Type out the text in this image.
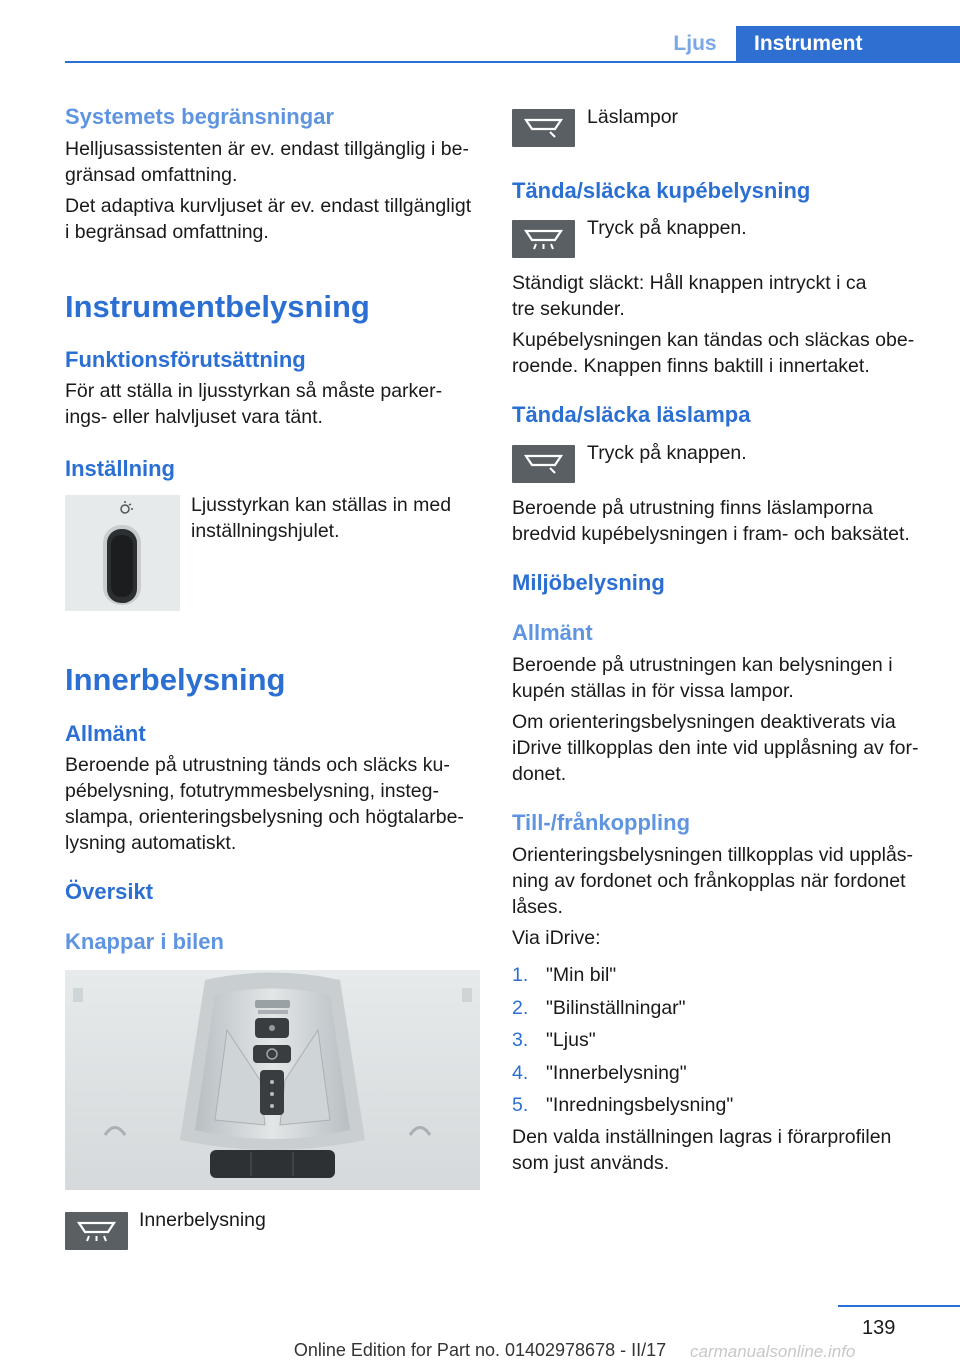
Ljus	Instrument
Systemets begränsningar
Helljusassistenten är ev. endast tillgänglig i be-
gränsad omfattning.
Det adaptiva kurvljuset är ev. endast tillgängligt
i begränsad omfattning.
Instrumentbelysning
Funktionsförutsättning
För att ställa in ljusstyrkan så måste parker-
ings- eller halvljuset vara tänt.
Inställning
Ljusstyrkan kan ställas in med
inställningshjulet.
Innerbelysning
Allmänt
Beroende på utrustning tänds och släcks ku-
pébelysning, fotutrymmesbelysning, insteg-
slampa, orienteringsbelysning och högtalarbe-
lysning automatiskt.
Översikt
Knappar i bilen
Innerbelysning
Läslampor
Tända/släcka kupébelysning
Tryck på knappen.
Ständigt släckt: Håll knappen intryckt i ca
tre sekunder.
Kupébelysningen kan tändas och släckas obe-
roende. Knappen finns baktill i innertaket.
Tända/släcka läslampa
Tryck på knappen.
Beroende på utrustning finns läslamporna
bredvid kupébelysningen i fram- och baksätet.
Miljöbelysning
Allmänt
Beroende på utrustningen kan belysningen i
kupén ställas in för vissa lampor.
Om orienteringsbelysningen deaktiverats via
iDrive tillkopplas den inte vid upplåsning av for-
donet.
Till-/frånkoppling
Orienteringsbelysningen tillkopplas vid upplås-
ning av fordonet och frånkopplas när fordonet
låses.
Via iDrive:
1. "Min bil"
2. "Bilinställningar"
3. "Ljus"
4. "Innerbelysning"
5. "Inredningsbelysning"
Den valda inställningen lagras i förarprofilen
som just används.
139
Online Edition for Part no. 01402978678 - II/17	carmanualsonline.info
